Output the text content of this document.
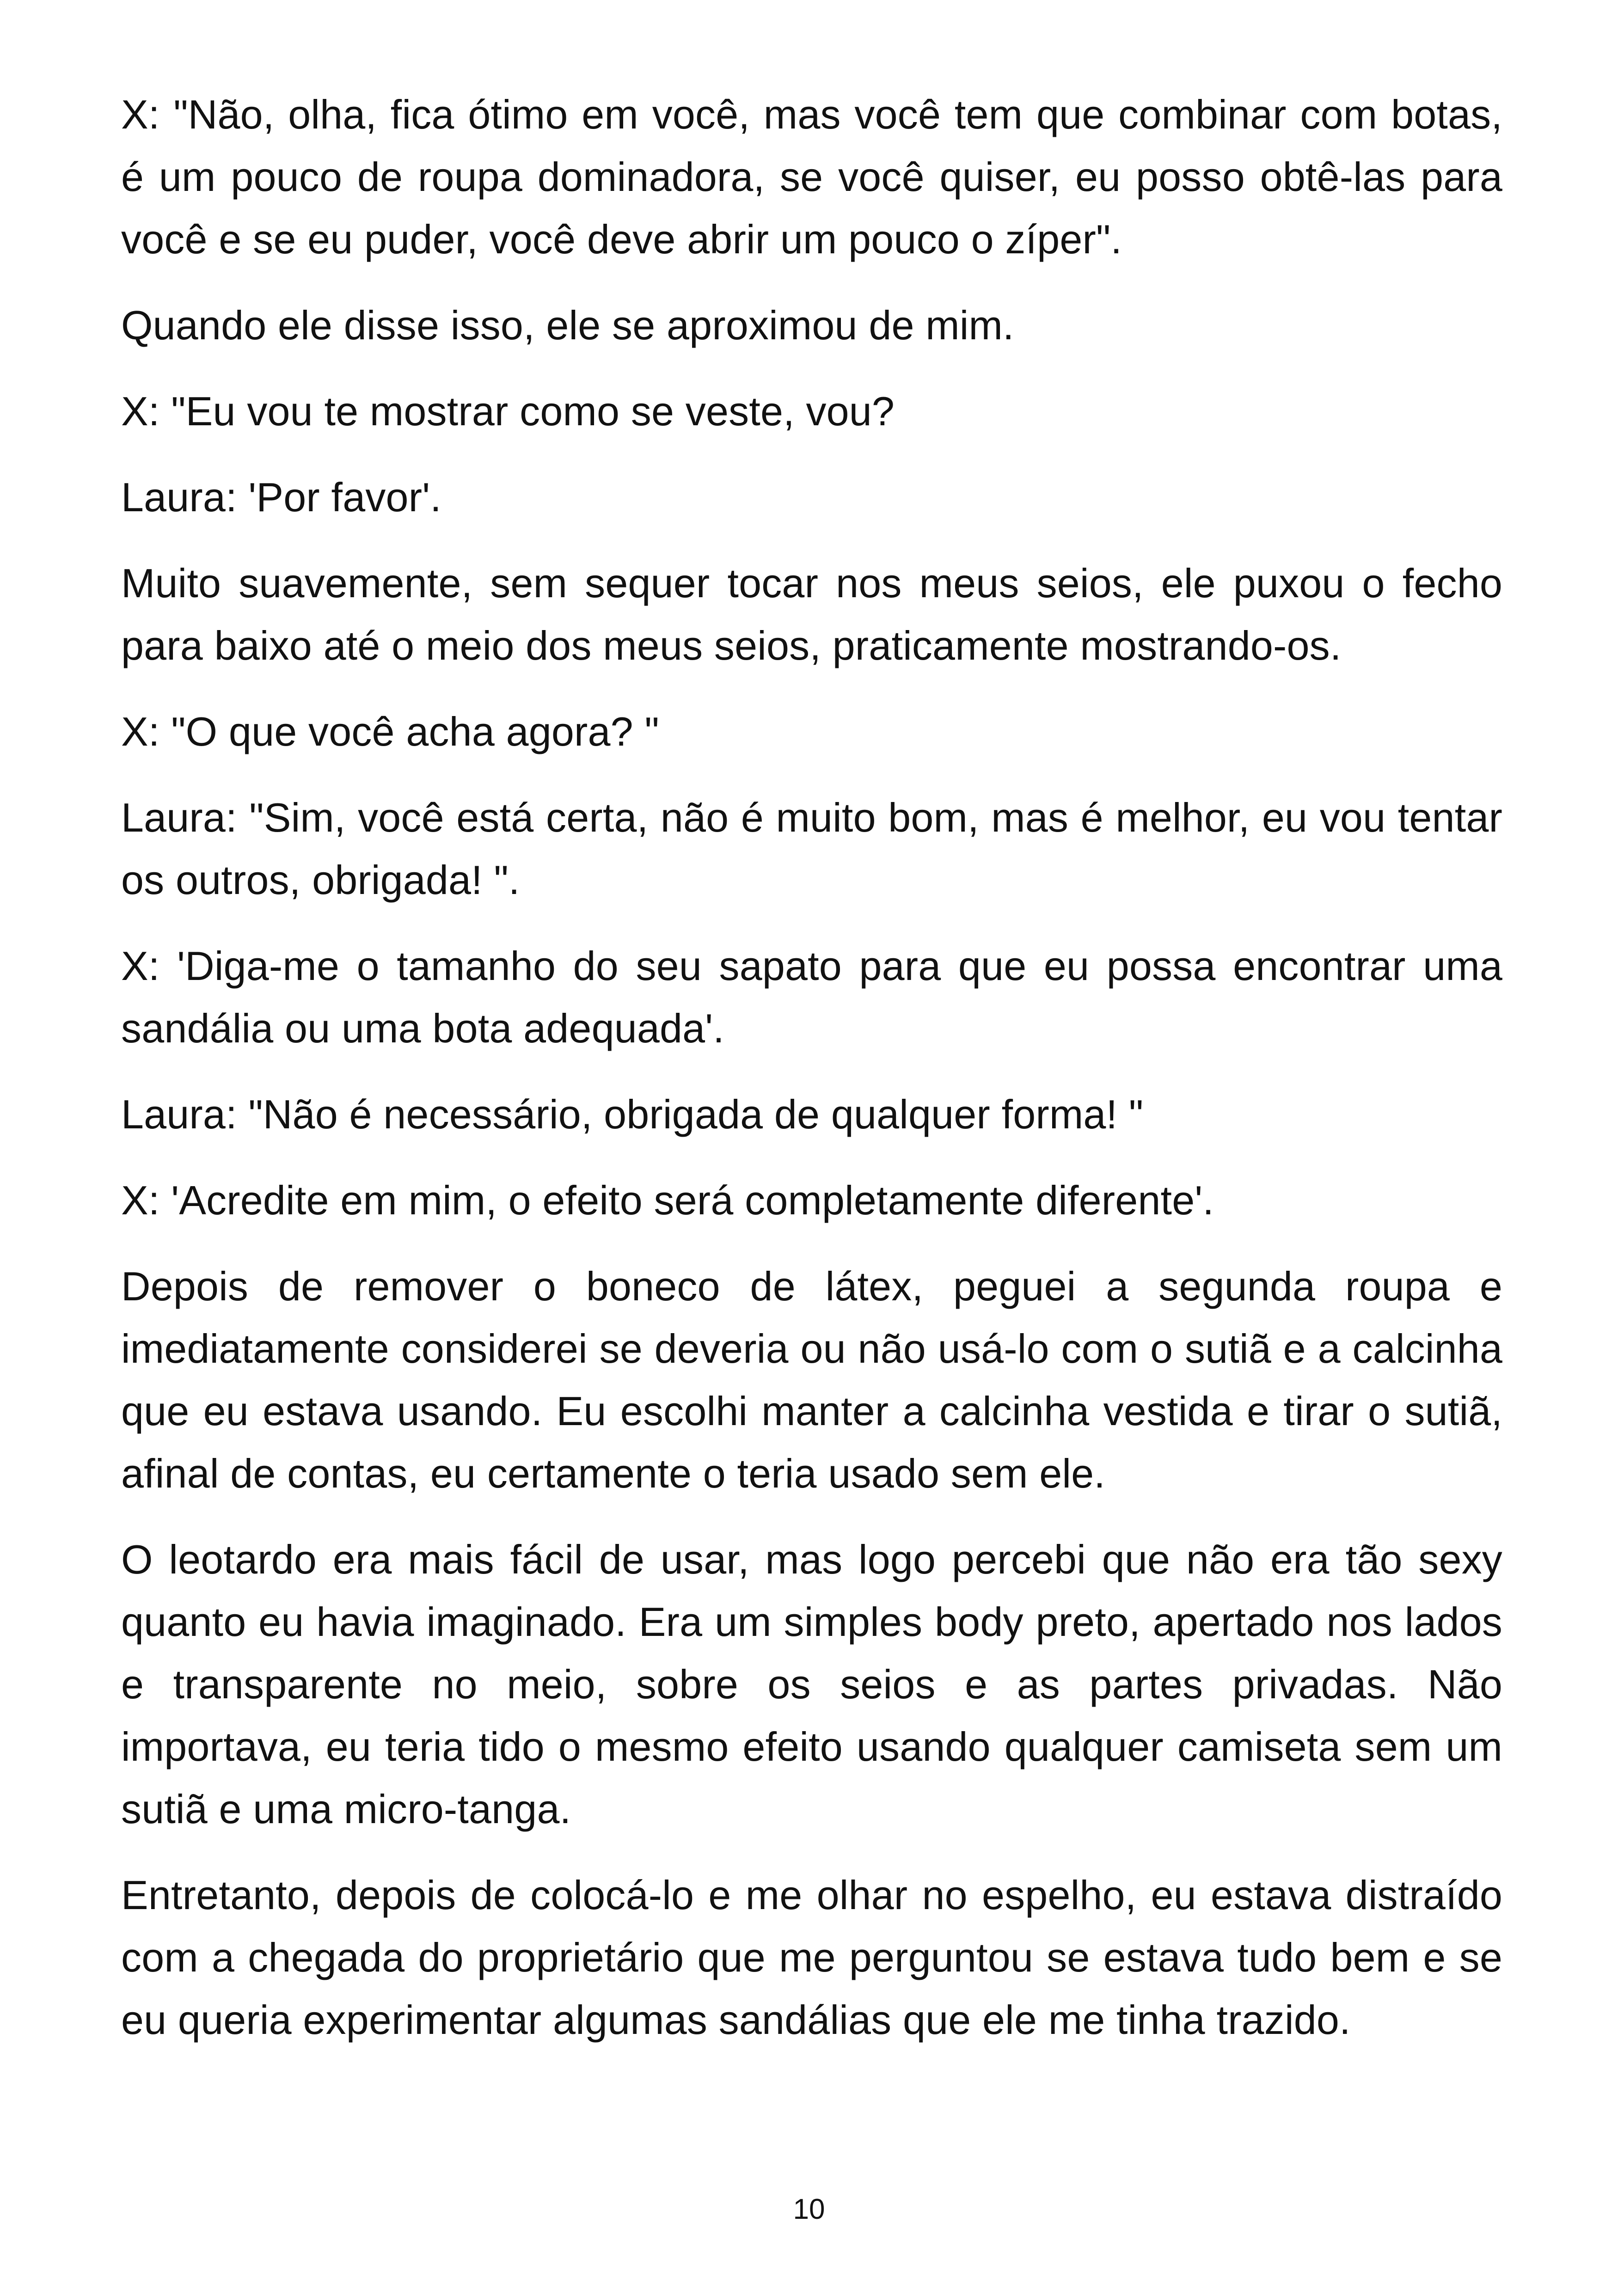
X: "Não, olha, fica ótimo em você, mas você tem que combinar com botas, é um pouco de roupa dominadora, se você quiser, eu posso obtê-las para você e se eu puder, você deve abrir um pouco o zíper".

Quando ele disse isso, ele se aproximou de mim.

X: "Eu vou te mostrar como se veste, vou?

Laura: 'Por favor'.

Muito suavemente, sem sequer tocar nos meus seios, ele puxou o fecho para baixo até o meio dos meus seios, praticamente mostrando-os.

X: "O que você acha agora? "

Laura: "Sim, você está certa, não é muito bom, mas é melhor, eu vou tentar os outros, obrigada! ".

X: 'Diga-me o tamanho do seu sapato para que eu possa encontrar uma sandália ou uma bota adequada'.

Laura: "Não é necessário, obrigada de qualquer forma! "

X: 'Acredite em mim, o efeito será completamente diferente'.

Depois de remover o boneco de látex, peguei a segunda roupa e imediatamente considerei se deveria ou não usá-lo com o sutiã e a calcinha que eu estava usando. Eu escolhi manter a calcinha vestida e tirar o sutiã, afinal de contas, eu certamente o teria usado sem ele.

O leotardo era mais fácil de usar, mas logo percebi que não era tão sexy quanto eu havia imaginado. Era um simples body preto, apertado nos lados e transparente no meio, sobre os seios e as partes privadas. Não importava, eu teria tido o mesmo efeito usando qualquer camiseta sem um sutiã e uma micro-tanga.

Entretanto, depois de colocá-lo e me olhar no espelho, eu estava distraído com a chegada do proprietário que me perguntou se estava tudo bem e se eu queria experimentar algumas sandálias que ele me tinha trazido.

10
